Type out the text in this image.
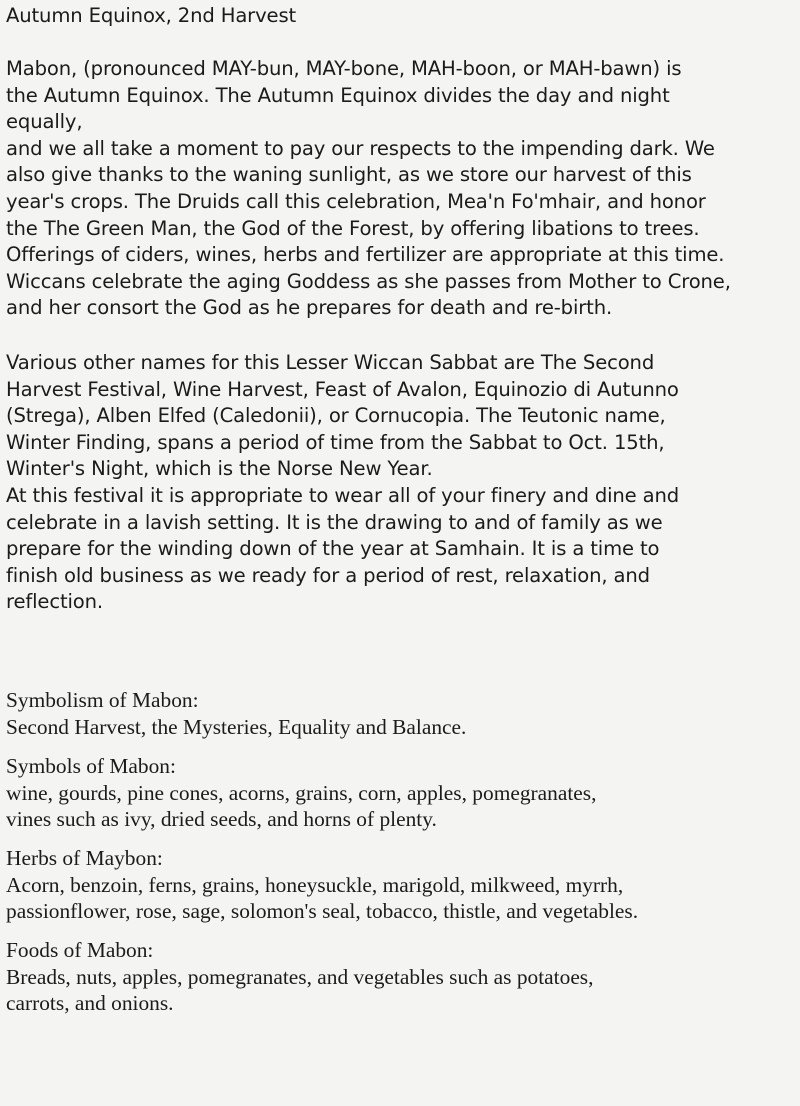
Autumn Equinox, 2nd Harvest
Mabon, (pronounced MAY-bun, MAY-bone, MAH-boon, or MAH-bawn) is
the Autumn Equinox. The Autumn Equinox divides the day and night
equally,
and we all take a moment to pay our respects to the impending dark. We
also give thanks to the waning sunlight, as we store our harvest of this
year's crops. The Druids call this celebration, Mea'n Fo'mhair, and honor
the The Green Man, the God of the Forest, by offering libations to trees.
Offerings of ciders, wines, herbs and fertilizer are appropriate at this time.
Wiccans celebrate the aging Goddess as she passes from Mother to Crone,
and her consort the God as he prepares for death and re-birth.
Various other names for this Lesser Wiccan Sabbat are The Second
Harvest Festival, Wine Harvest, Feast of Avalon, Equinozio di Autunno
(Strega), Alben Elfed (Caledonii), or Cornucopia. The Teutonic name,
Winter Finding, spans a period of time from the Sabbat to Oct. 15th,
Winter's Night, which is the Norse New Year.
At this festival it is appropriate to wear all of your finery and dine and
celebrate in a lavish setting. It is the drawing to and of family as we
prepare for the winding down of the year at Samhain. It is a time to
finish old business as we ready for a period of rest, relaxation, and
reflection.
Symbolism of Mabon:
Second Harvest, the Mysteries, Equality and Balance.
Symbols of Mabon:
wine, gourds, pine cones, acorns, grains, corn, apples, pomegranates,
vines such as ivy, dried seeds, and horns of plenty.
Herbs of Maybon:
Acorn, benzoin, ferns, grains, honeysuckle, marigold, milkweed, myrrh,
passionflower, rose, sage, solomon's seal, tobacco, thistle, and vegetables.
Foods of Mabon:
Breads, nuts, apples, pomegranates, and vegetables such as potatoes,
carrots, and onions.
